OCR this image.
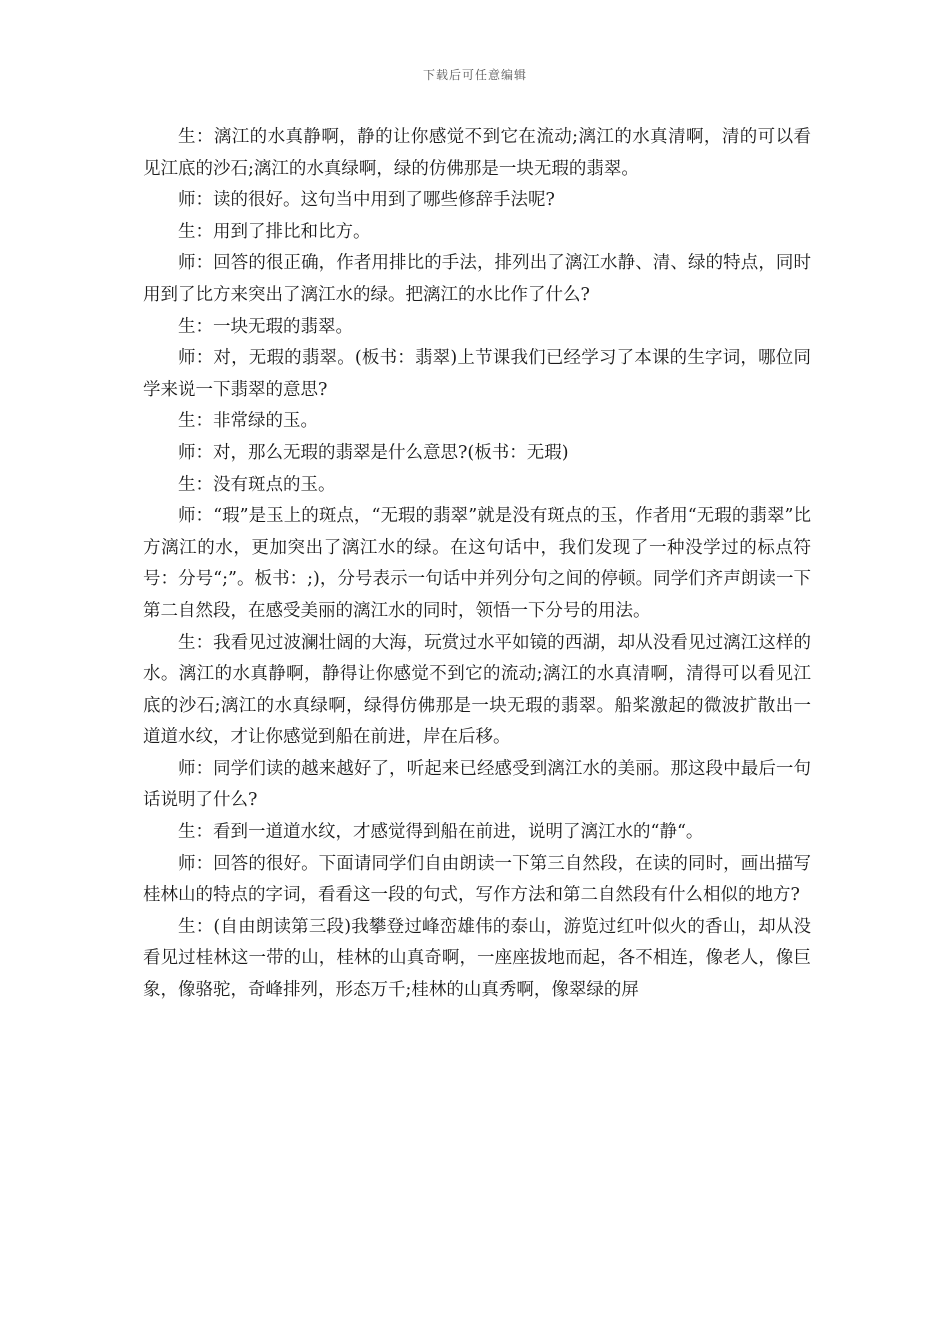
下载后可任意编辑

生：漓江的水真静啊，静的让你感觉不到它在流动;漓江的水真清啊，清的可以看见江底的沙石;漓江的水真绿啊，绿的仿佛那是一块无瑕的翡翠。

师：读的很好。这句当中用到了哪些修辞手法呢?

生：用到了排比和比方。

师：回答的很正确，作者用排比的手法，排列出了漓江水静、清、绿的特点，同时用到了比方来突出了漓江水的绿。把漓江的水比作了什么?

生：一块无瑕的翡翠。

师：对，无瑕的翡翠。(板书：翡翠)上节课我们已经学习了本课的生字词，哪位同学来说一下翡翠的意思?

生：非常绿的玉。

师：对，那么无瑕的翡翠是什么意思?(板书：无瑕)

生：没有斑点的玉。

师：“瑕”是玉上的斑点，“无瑕的翡翠”就是没有斑点的玉，作者用“无瑕的翡翠”比方漓江的水，更加突出了漓江水的绿。在这句话中，我们发现了一种没学过的标点符号：分号“;”。板书：;)，分号表示一句话中并列分句之间的停顿。同学们齐声朗读一下第二自然段，在感受美丽的漓江水的同时，领悟一下分号的用法。

生：我看见过波澜壮阔的大海，玩赏过水平如镜的西湖，却从没看见过漓江这样的水。漓江的水真静啊，静得让你感觉不到它的流动;漓江的水真清啊，清得可以看见江底的沙石;漓江的水真绿啊，绿得仿佛那是一块无瑕的翡翠。船桨激起的微波扩散出一道道水纹，才让你感觉到船在前进，岸在后移。

师：同学们读的越来越好了，听起来已经感受到漓江水的美丽。那这段中最后一句话说明了什么?

生：看到一道道水纹，才感觉得到船在前进，说明了漓江水的“静“。

师：回答的很好。下面请同学们自由朗读一下第三自然段，在读的同时，画出描写桂林山的特点的字词，看看这一段的句式，写作方法和第二自然段有什么相似的地方?

生：(自由朗读第三段)我攀登过峰峦雄伟的泰山，游览过红叶似火的香山，却从没看见过桂林这一带的山，桂林的山真奇啊，一座座拔地而起，各不相连，像老人，像巨象，像骆驼，奇峰排列，形态万千;桂林的山真秀啊，像翠绿的屏
